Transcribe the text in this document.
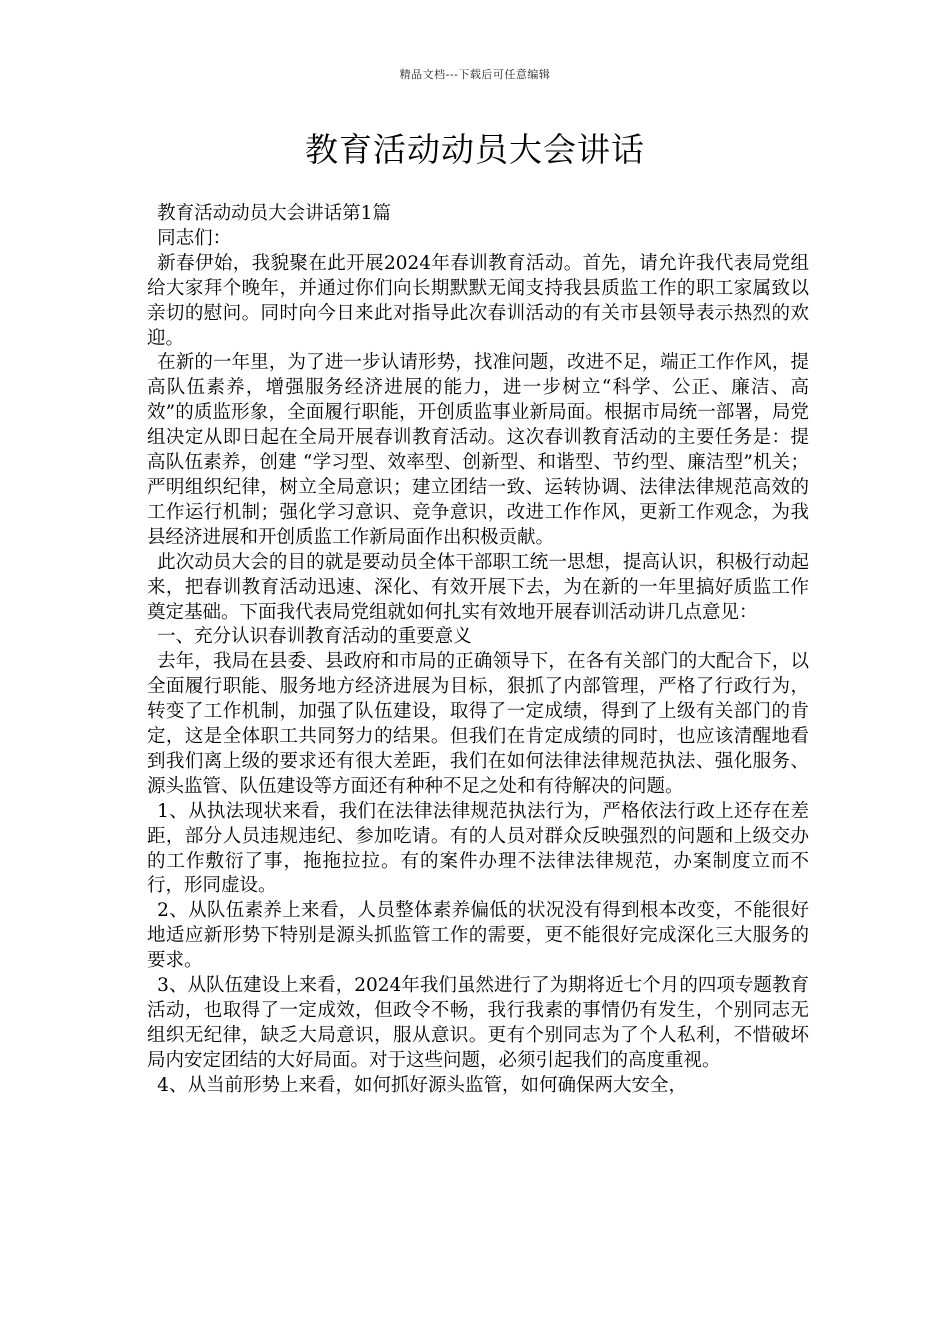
精品文档---下载后可任意编辑
教育活动动员大会讲话

教育活动动员大会讲话第1篇

同志们：

新春伊始，我貌聚在此开展2024年春训教育活动。首先，请允许我代表局党组给大家拜个晚年，并通过你们向长期默默无闻支持我县质监工作的职工家属致以亲切的慰问。同时向今日来此对指导此次春训活动的有关市县领导表示热烈的欢迎。

在新的一年里，为了进一步认请形势，找准问题，改进不足，端正工作作风，提高队伍素养，增强服务经济进展的能力，进一步树立“科学、公正、廉洁、高效”的质监形象，全面履行职能，开创质监事业新局面。根据市局统一部署，局党组决定从即日起在全局开展春训教育活动。这次春训教育活动的主要任务是：提高队伍素养，创建 “学习型、效率型、创新型、和谐型、节约型、廉洁型”机关；严明组织纪律，树立全局意识；建立团结一致、运转协调、法律法律规范高效的工作运行机制；强化学习意识、竞争意识，改进工作作风，更新工作观念，为我县经济进展和开创质监工作新局面作出积极贡献。

此次动员大会的目的就是要动员全体干部职工统一思想，提高认识，积极行动起来，把春训教育活动迅速、深化、有效开展下去，为在新的一年里搞好质监工作奠定基础。下面我代表局党组就如何扎实有效地开展春训活动讲几点意见：

一、充分认识春训教育活动的重要意义

去年，我局在县委、县政府和市局的正确领导下，在各有关部门的大配合下，以全面履行职能、服务地方经济进展为目标，狠抓了内部管理，严格了行政行为，转变了工作机制，加强了队伍建设，取得了一定成绩，得到了上级有关部门的肯定，这是全体职工共同努力的结果。但我们在肯定成绩的同时，也应该清醒地看到我们离上级的要求还有很大差距，我们在如何法律法律规范执法、强化服务、源头监管、队伍建设等方面还有种种不足之处和有待解决的问题。

1、从执法现状来看，我们在法律法律规范执法行为，严格依法行政上还存在差距，部分人员违规违纪、参加吃请。有的人员对群众反映强烈的问题和上级交办的工作敷衍了事，拖拖拉拉。有的案件办理不法律法律规范，办案制度立而不行，形同虚设。

2、从队伍素养上来看，人员整体素养偏低的状况没有得到根本改变，不能很好地适应新形势下特别是源头抓监管工作的需要，更不能很好完成深化三大服务的要求。

3、从队伍建设上来看，2024年我们虽然进行了为期将近七个月的四项专题教育活动，也取得了一定成效，但政令不畅，我行我素的事情仍有发生，个别同志无组织无纪律，缺乏大局意识，服从意识。更有个别同志为了个人私利，不惜破坏局内安定团结的大好局面。对于这些问题，必须引起我们的高度重视。

4、从当前形势上来看，如何抓好源头监管，如何确保两大安全，
